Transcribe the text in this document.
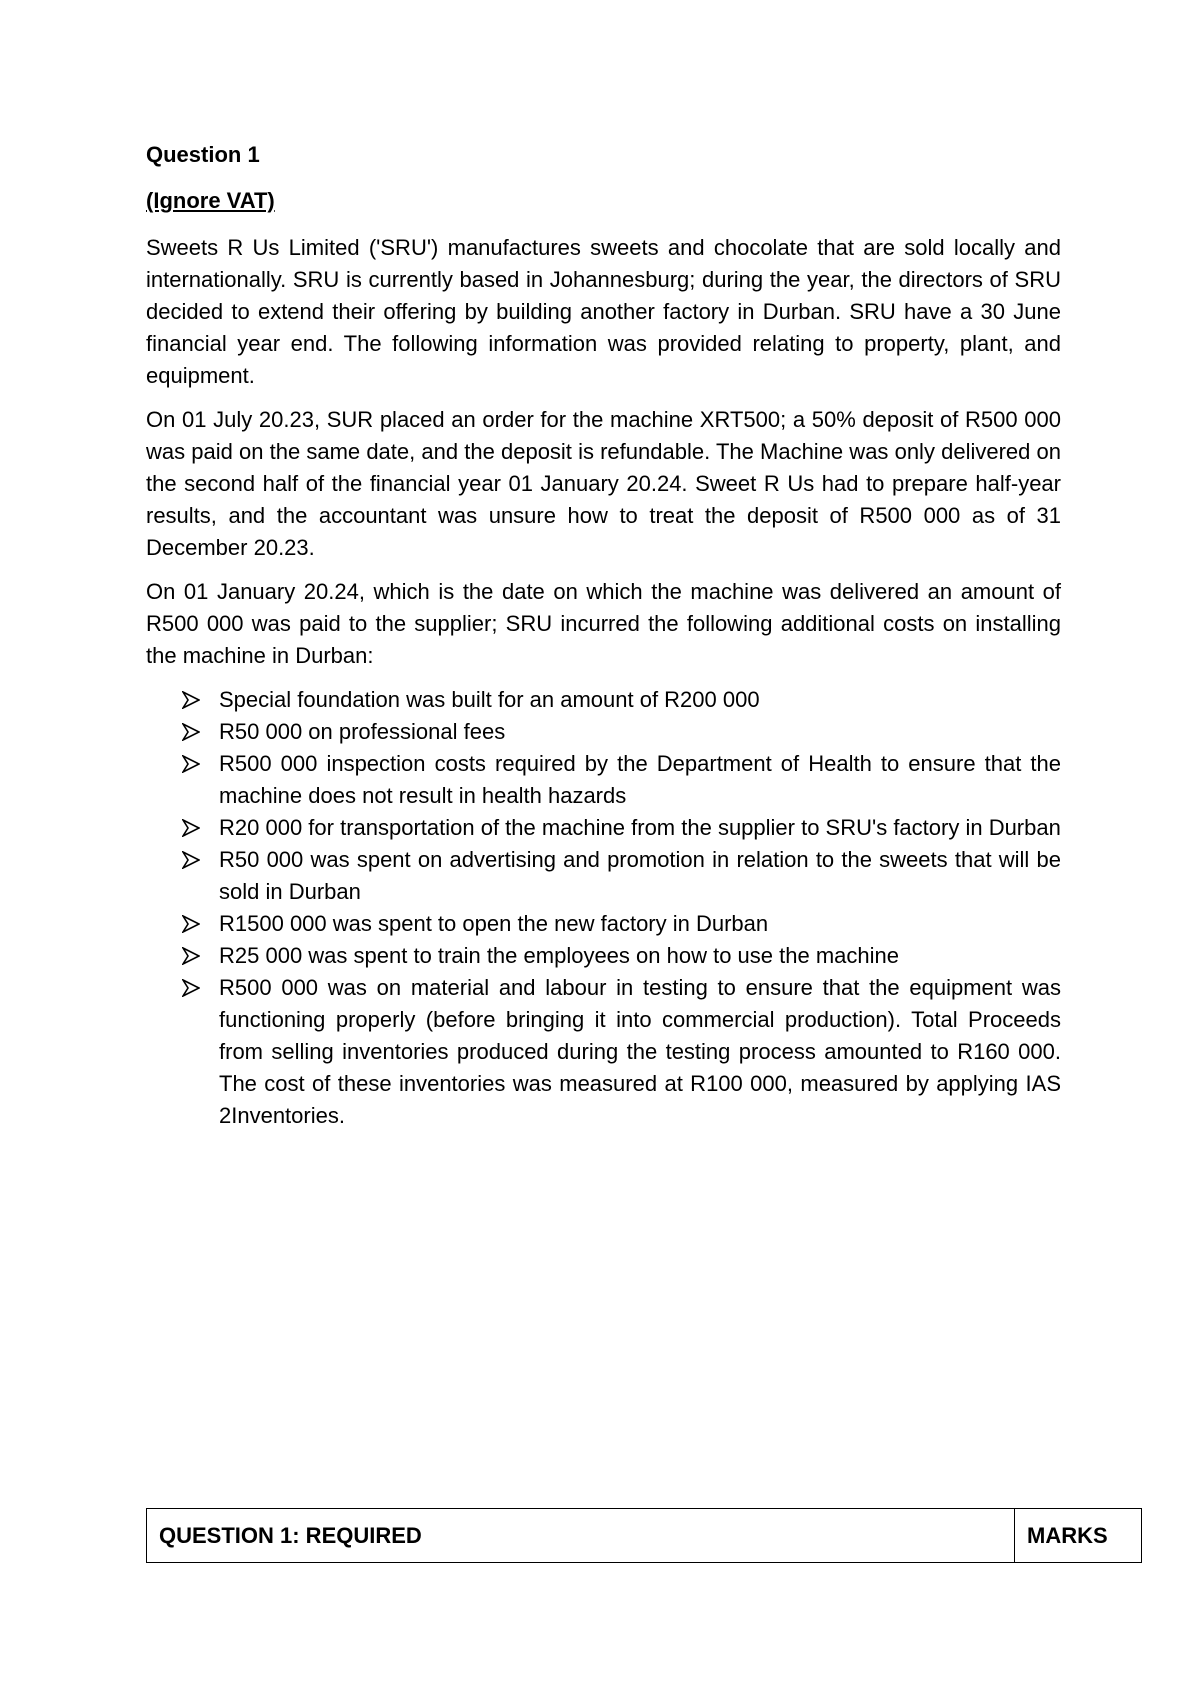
Question 1
(Ignore VAT)

Sweets R Us Limited ('SRU') manufactures sweets and chocolate that are sold locally and internationally. SRU is currently based in Johannesburg; during the year, the directors of SRU decided to extend their offering by building another factory in Durban. SRU have a 30 June financial year end. The following information was provided relating to property, plant, and equipment.

On 01 July 20.23, SUR placed an order for the machine XRT500; a 50% deposit of R500 000 was paid on the same date, and the deposit is refundable. The Machine was only delivered on the second half of the financial year 01 January 20.24. Sweet R Us had to prepare half-year results, and the accountant was unsure how to treat the deposit of R500 000 as of 31 December 20.23.

On 01 January 20.24, which is the date on which the machine was delivered an amount of R500 000 was paid to the supplier; SRU incurred the following additional costs on installing the machine in Durban:

Special foundation was built for an amount of R200 000
R50 000 on professional fees
R500 000 inspection costs required by the Department of Health to ensure that the machine does not result in health hazards
R20 000 for transportation of the machine from the supplier to SRU's factory in Durban
R50 000 was spent on advertising and promotion in relation to the sweets that will be sold in Durban
R1500 000 was spent to open the new factory in Durban
R25 000 was spent to train the employees on how to use the machine
R500 000 was on material and labour in testing to ensure that the equipment was functioning properly (before bringing it into commercial production). Total Proceeds from selling inventories produced during the testing process amounted to R160 000. The cost of these inventories was measured at R100 000, measured by applying IAS 2Inventories.
QUESTION 1: REQUIRED	MARKS
